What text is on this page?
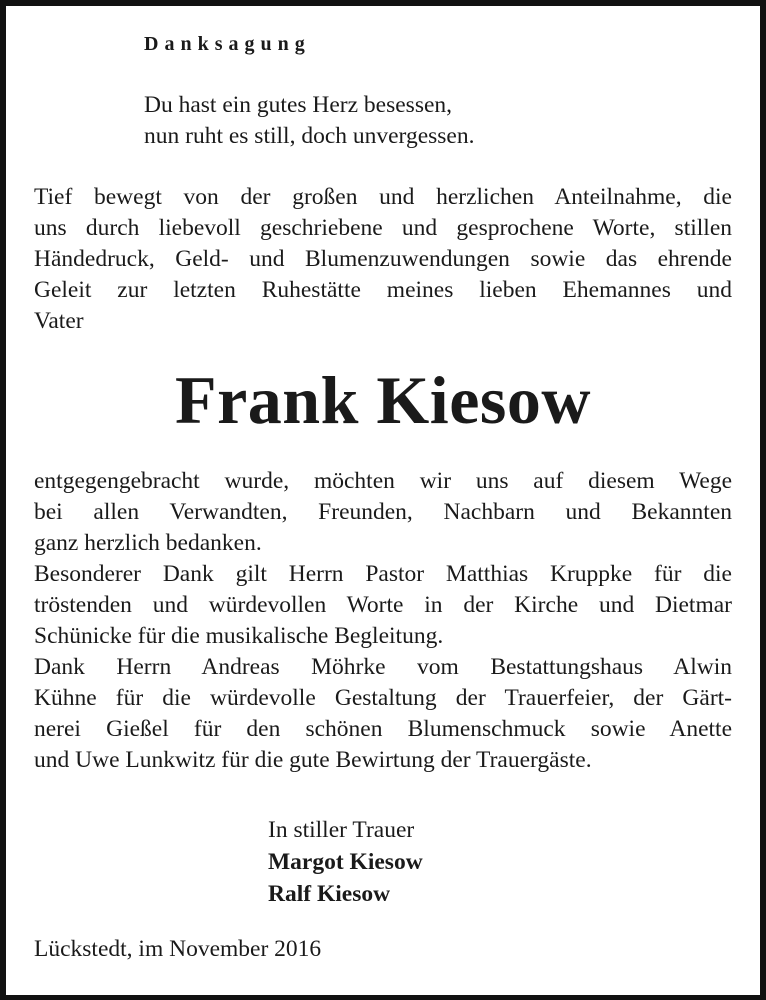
Danksagung
Du hast ein gutes Herz besessen,
nun ruht es still, doch unvergessen.
Tief bewegt von der großen und herzlichen Anteilnahme, die
uns durch liebevoll geschriebene und gesprochene Worte, stillen
Händedruck, Geld- und Blumenzuwendungen sowie das ehrende
Geleit zur letzten Ruhestätte meines lieben Ehemannes und
Vater
Frank Kiesow
entgegengebracht wurde, möchten wir uns auf diesem Wege
bei allen Verwandten, Freunden, Nachbarn und Bekannten
ganz herzlich bedanken.
Besonderer Dank gilt Herrn Pastor Matthias Kruppke für die
tröstenden und würdevollen Worte in der Kirche und Dietmar
Schünicke für die musikalische Begleitung.
Dank Herrn Andreas Möhrke vom Bestattungshaus Alwin
Kühne für die würdevolle Gestaltung der Trauerfeier, der Gärt-
nerei Gießel für den schönen Blumenschmuck sowie Anette
und Uwe Lunkwitz für die gute Bewirtung der Trauergäste.
In stiller Trauer
Margot Kiesow
Ralf Kiesow
Lückstedt, im November 2016
